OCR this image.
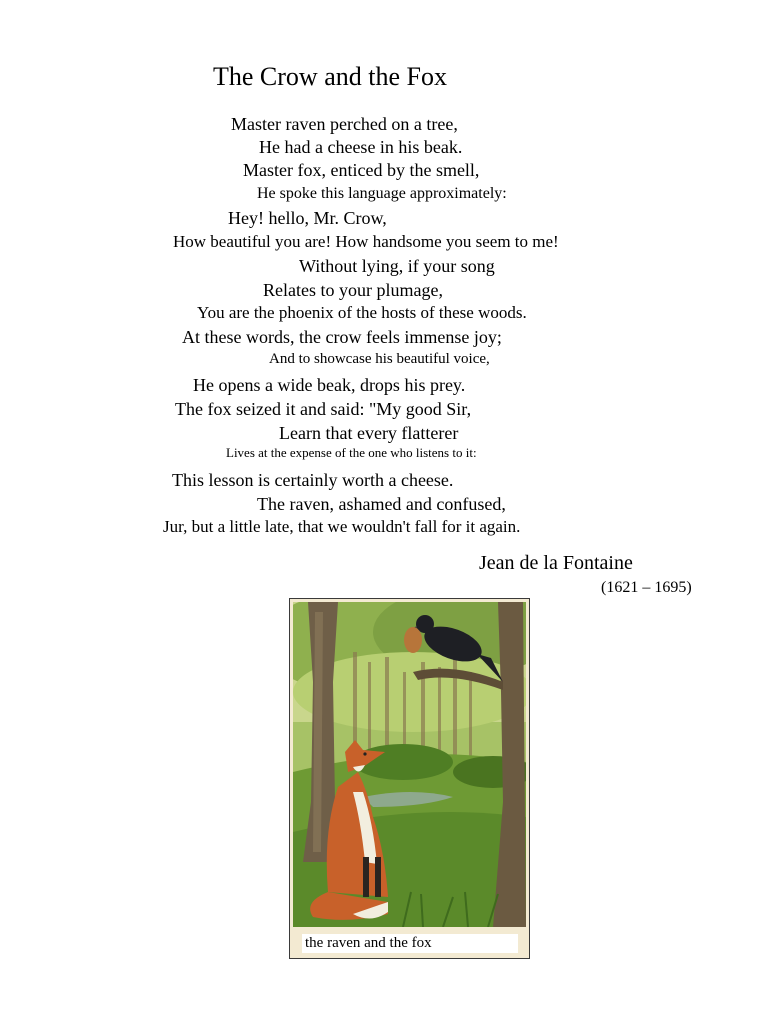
The Crow and the Fox
Master raven perched on a tree,
He had a cheese in his beak.
Master fox, enticed by the smell,
He spoke this language approximately:
Hey! hello, Mr. Crow,
How beautiful you are! How handsome you seem to me!
Without lying, if your song
Relates to your plumage,
You are the phoenix of the hosts of these woods.
At these words, the crow feels immense joy;
And to showcase his beautiful voice,
He opens a wide beak, drops his prey.
The fox seized it and said: "My good Sir,
Learn that every flatterer
Lives at the expense of the one who listens to it:
This lesson is certainly worth a cheese.
The raven, ashamed and confused,
Jur, but a little late, that we wouldn't fall for it again.
Jean de la Fontaine
(1621 – 1695)
the raven and the fox
